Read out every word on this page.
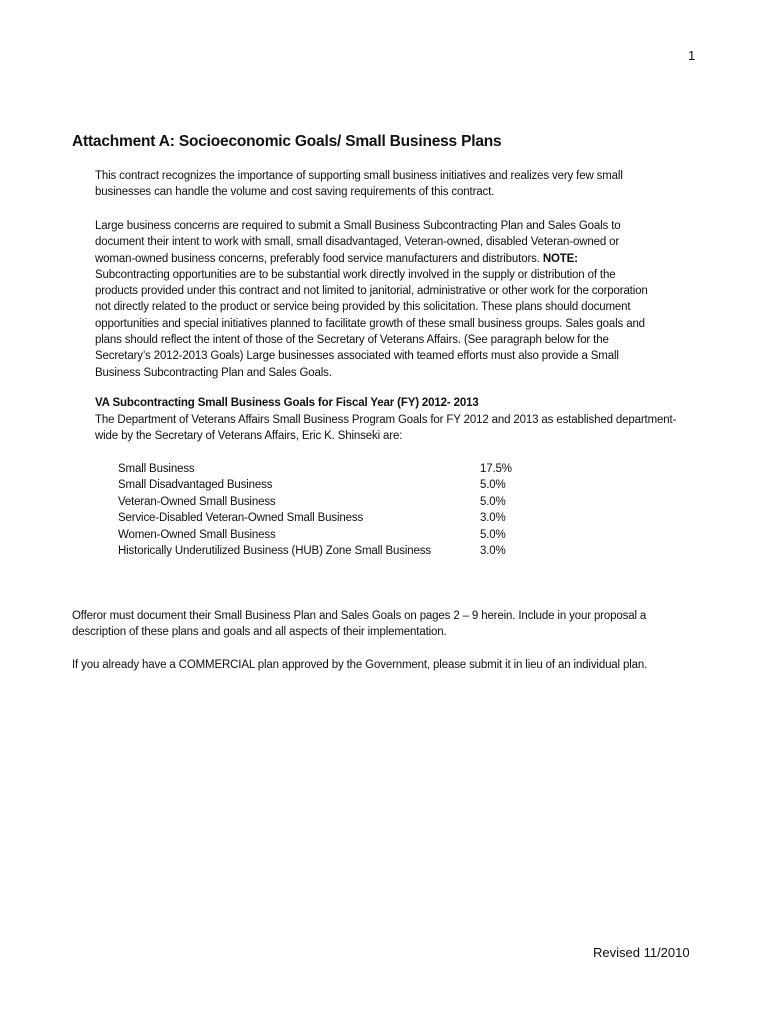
1
Attachment A: Socioeconomic Goals/ Small Business Plans

This contract recognizes the importance of supporting small business initiatives and realizes very few small businesses can handle the volume and cost saving requirements of this contract.

Large business concerns are required to submit a Small Business Subcontracting Plan and Sales Goals to document their intent to work with small, small disadvantaged, Veteran-owned, disabled Veteran-owned or woman-owned business concerns, preferably food service manufacturers and distributors. NOTE: Subcontracting opportunities are to be substantial work directly involved in the supply or distribution of the products provided under this contract and not limited to janitorial, administrative or other work for the corporation not directly related to the product or service being provided by this solicitation. These plans should document opportunities and special initiatives planned to facilitate growth of these small business groups. Sales goals and plans should reflect the intent of those of the Secretary of Veterans Affairs. (See paragraph below for the Secretary’s 2012-2013 Goals) Large businesses associated with teamed efforts must also provide a Small Business Subcontracting Plan and Sales Goals.

VA Subcontracting Small Business Goals for Fiscal Year (FY) 2012- 2013

The Department of Veterans Affairs Small Business Program Goals for FY 2012 and 2013 as established department-wide by the Secretary of Veterans Affairs, Eric K. Shinseki are:

Small Business	17.5%
Small Disadvantaged Business	5.0%
Veteran-Owned Small Business	5.0%
Service-Disabled Veteran-Owned Small Business	3.0%
Women-Owned Small Business	5.0%
Historically Underutilized Business (HUB) Zone Small Business	3.0%

Offeror must document their Small Business Plan and Sales Goals on pages 2 – 9 herein. Include in your proposal a description of these plans and goals and all aspects of their implementation.

If you already have a COMMERCIAL plan approved by the Government, please submit it in lieu of an individual plan.

Revised 11/2010
